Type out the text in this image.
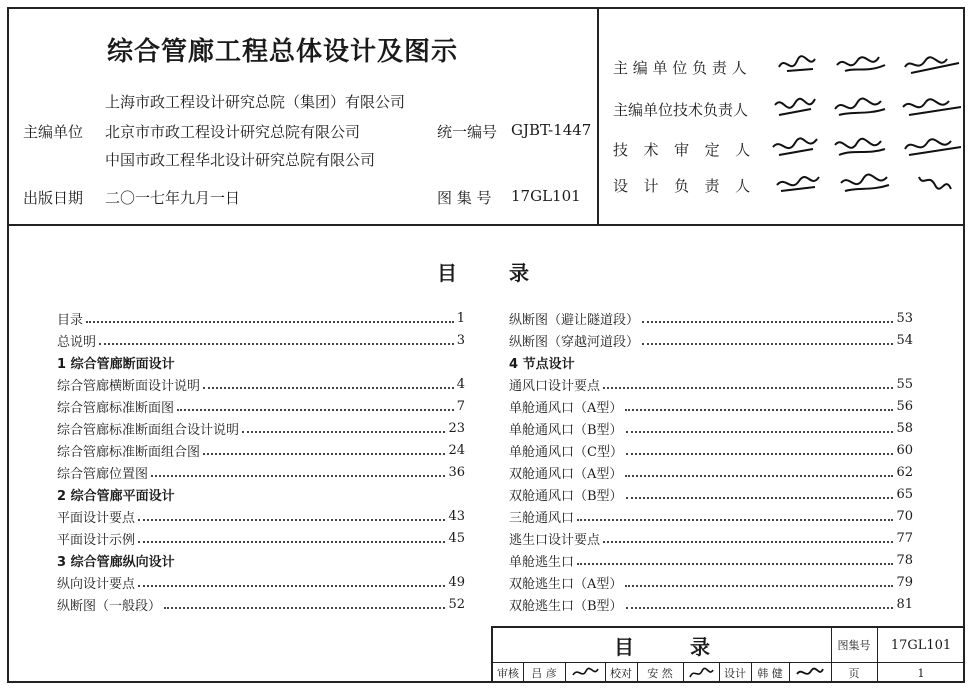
综合管廊工程总体设计及图示
上海市政工程设计研究总院（集团）有限公司
主编单位 北京市市政工程设计研究总院有限公司
中国市政工程华北设计研究总院有限公司
统一编号 GJBT-1447
出版日期 二〇一七年九月一日	图 集 号 17GL101
主 编 单 位 负 责 人
主编单位技术负责人
技  术  审  定  人
设  计  负  责  人
目	录
目录	1
总说明	3
1 综合管廊断面设计
综合管廊横断面设计说明	4
综合管廊标准断面图	7
综合管廊标准断面组合设计说明	23
综合管廊标准断面组合图	24
综合管廊位置图	36
2 综合管廊平面设计
平面设计要点	43
平面设计示例	45
3 综合管廊纵向设计
纵向设计要点	49
纵断图（一般段）	52
纵断图（避让隧道段）	53
纵断图（穿越河道段）	54
4 节点设计
通风口设计要点	55
单舱通风口（A型）	56
单舱通风口（B型）	58
单舱通风口（C型）	60
双舱通风口（A型）	62
双舱通风口（B型）	65
三舱通风口	70
逃生口设计要点	77
单舱逃生口	78
双舱逃生口（A型）	79
双舱逃生口（B型）	81
目	录	图集号	17GL101
审核	吕 彦	校对	安 然	设计	韩 健	页	1
